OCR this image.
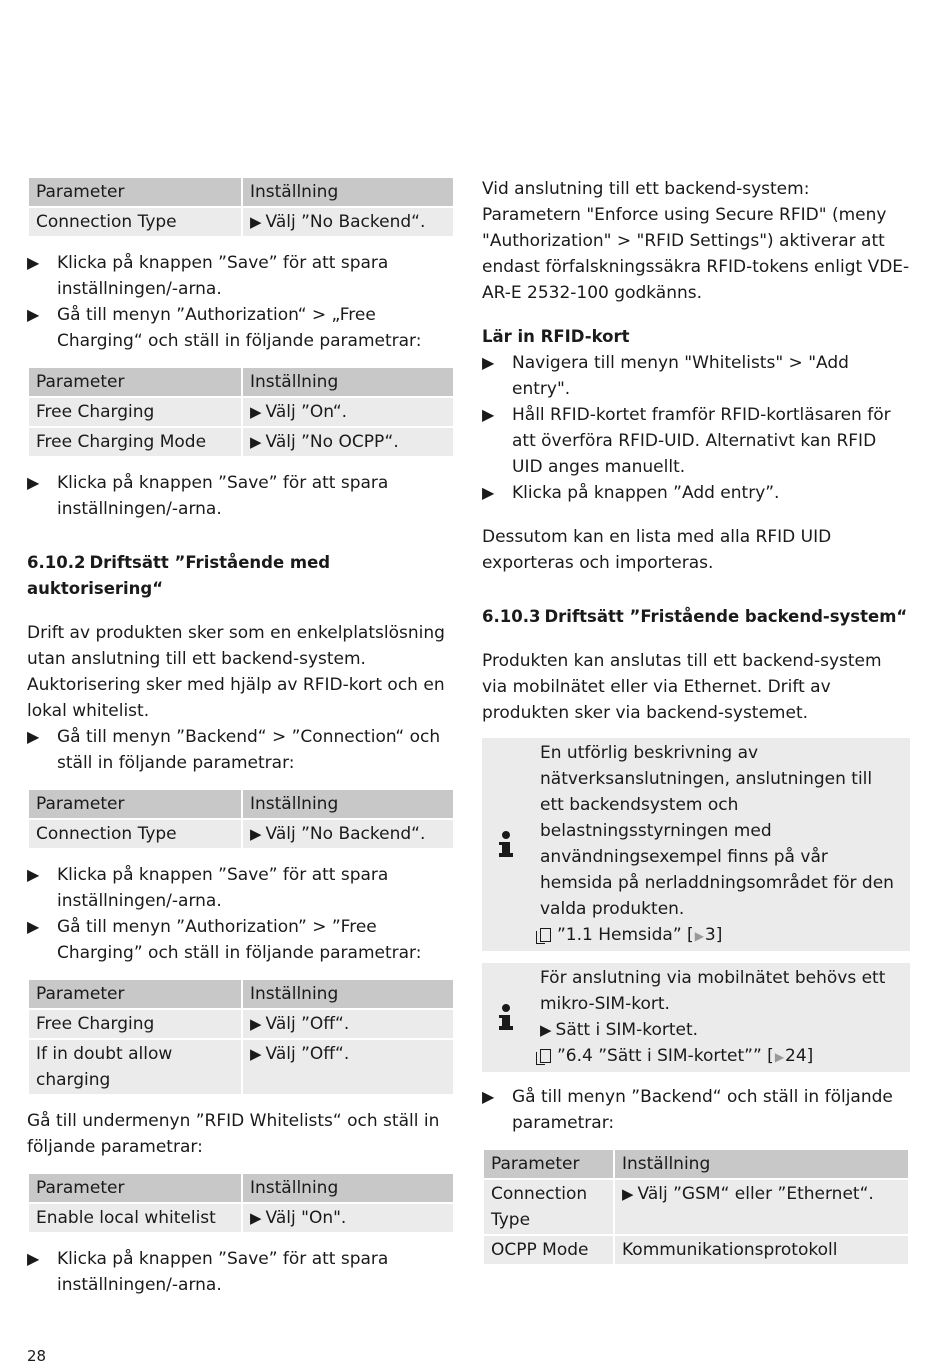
Parameter	Inställning
Connection Type	▶ Välj ”No Backend“.
▶ Klicka på knappen ”Save” för att spara inställningen/-arna.
▶ Gå till menyn ”Authorization“ > „Free Charging“ och ställ in följande parametrar:
Parameter	Inställning
Free Charging	▶ Välj ”On“.
Free Charging Mode	▶ Välj ”No OCPP“.
▶ Klicka på knappen ”Save” för att spara inställningen/-arna.
6.10.2 Driftsätt ”Fristående med auktorisering“

Drift av produkten sker som en enkelplatslösning utan anslutning till ett backend-system. Auktorisering sker med hjälp av RFID-kort och en lokal whitelist.

▶ Gå till menyn ”Backend“ > ”Connection“ och ställ in följande parametrar:
Parameter	Inställning
Connection Type	▶ Välj ”No Backend“.
▶ Klicka på knappen ”Save” för att spara inställningen/-arna.
▶ Gå till menyn ”Authorization” > ”Free Charging” och ställ in följande parametrar:
Parameter	Inställning
Free Charging	▶ Välj ”Off“.
If in doubt allow charging	▶ Välj ”Off“.

Gå till undermenyn ”RFID Whitelists“ och ställ in följande parametrar:

Parameter	Inställning
Enable local whitelist	▶ Välj "On".
▶ Klicka på knappen ”Save” för att spara inställningen/-arna.

Vid anslutning till ett backend-system: Parametern "Enforce using Secure RFID" (meny "Authorization" > "RFID Settings") aktiverar att endast förfalskningssäkra RFID-tokens enligt VDE-AR-E 2532-100 godkänns.

Lär in RFID-kort
▶ Navigera till menyn "Whitelists" > "Add entry".
▶ Håll RFID-kortet framför RFID-kortläsaren för att överföra RFID-UID. Alternativt kan RFID UID anges manuellt.
▶ Klicka på knappen ”Add entry”.

Dessutom kan en lista med alla RFID UID exporteras och importeras.

6.10.3 Driftsätt ”Fristående backend-system“

Produkten kan anslutas till ett backend-system via mobilnätet eller via Ethernet. Drift av produkten sker via backend-systemet.

En utförlig beskrivning av nätverksanslutningen, anslutningen till ett backendsystem och belastningsstyrningen med användningsexempel finns på vår hemsida på nerladdningsområdet för den valda produkten.

”1.1 Hemsida” [▶3]

För anslutning via mobilnätet behövs ett mikro-SIM-kort.

▶ Sätt i SIM-kortet.

”6.4 ”Sätt i SIM-kortet”” [▶24]

▶ Gå till menyn ”Backend“ och ställ in följande parametrar:
Parameter	Inställning
Connection Type	▶ Välj ”GSM“ eller ”Ethernet“.
OCPP Mode	Kommunikationsprotokoll
28
